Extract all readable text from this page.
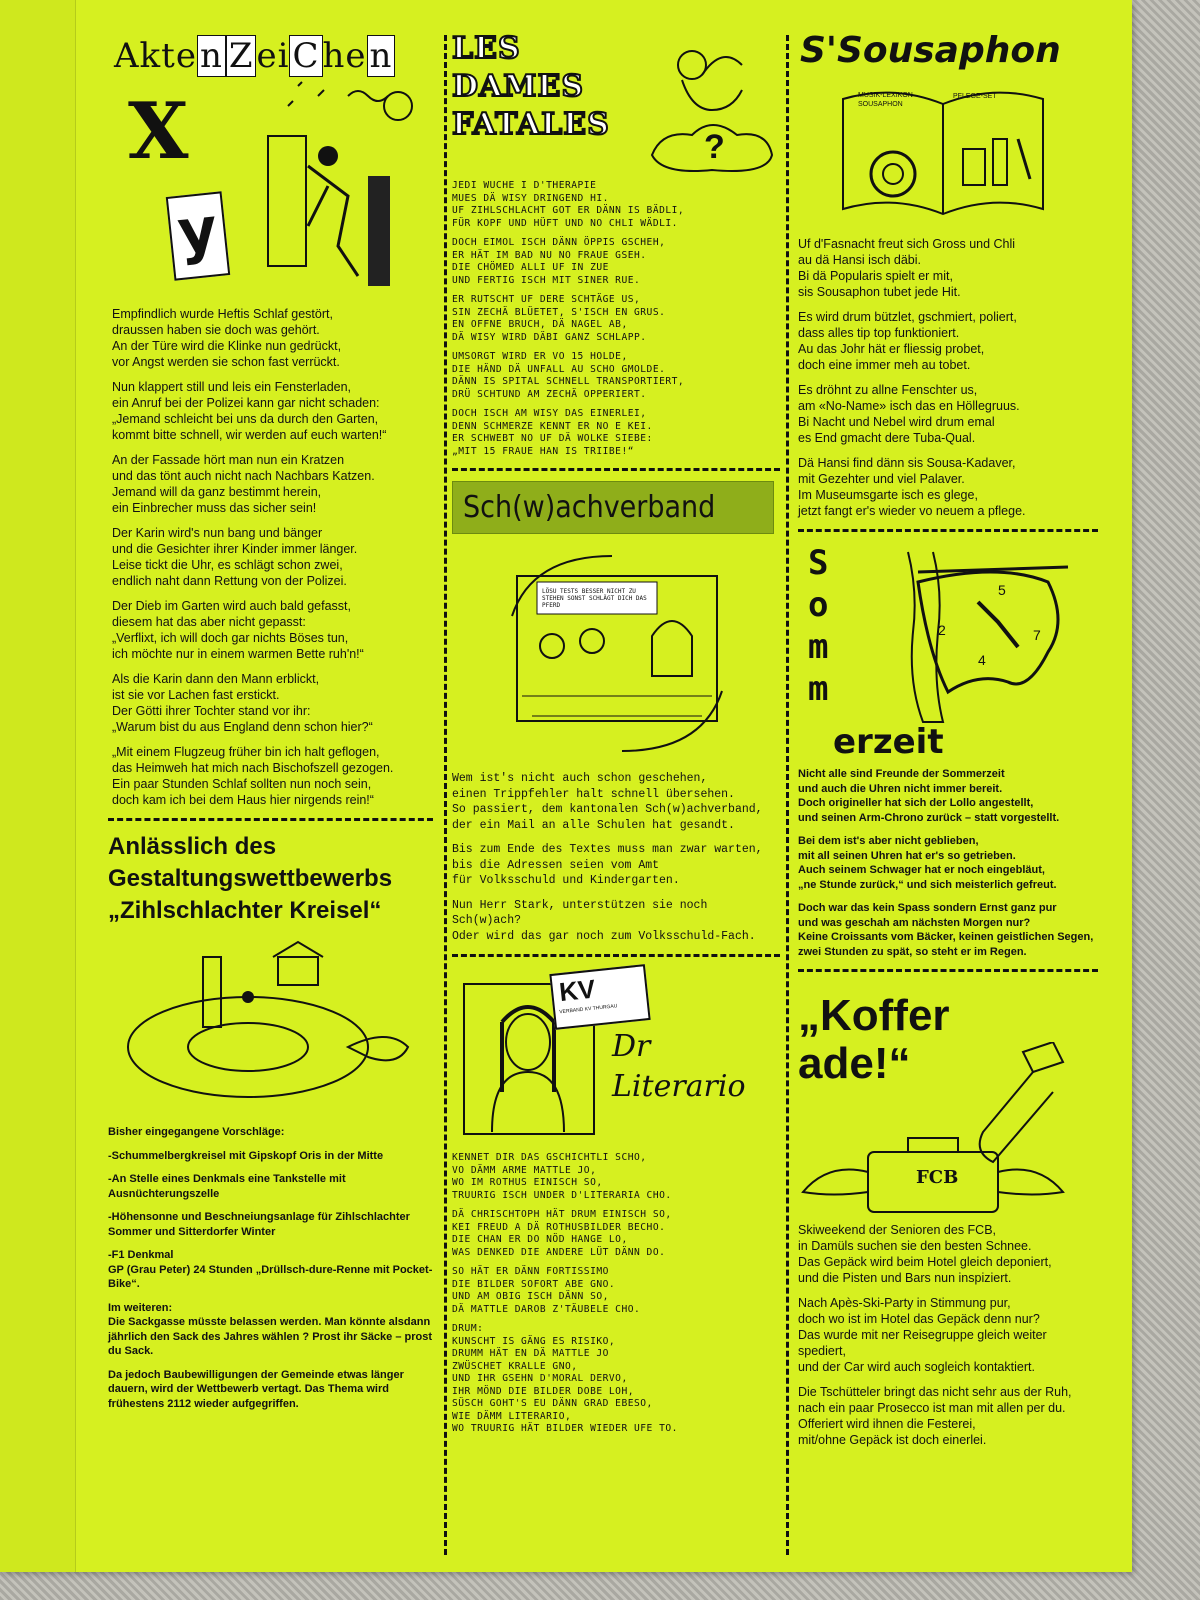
Akten ZeiChen
X
y

Empfindlich wurde Heftis Schlaf gestört,
draussen haben sie doch was gehört.
An der Türe wird die Klinke nun gedrückt,
vor Angst werden sie schon fast verrückt.

Nun klappert still und leis ein Fensterladen,
ein Anruf bei der Polizei kann gar nicht schaden:
„Jemand schleicht bei uns da durch den Garten,
kommt bitte schnell, wir werden auf euch warten!“

An der Fassade hört man nun ein Kratzen
und das tönt auch nicht nach Nachbars Katzen.
Jemand will da ganz bestimmt herein,
ein Einbrecher muss das sicher sein!

Der Karin wird's nun bang und bänger
und die Gesichter ihrer Kinder immer länger.
Leise tickt die Uhr, es schlägt schon zwei,
endlich naht dann Rettung von der Polizei.

Der Dieb im Garten wird auch bald gefasst,
diesem hat das aber nicht gepasst:
„Verflixt, ich will doch gar nichts Böses tun,
ich möchte nur in einem warmen Bette ruh'n!“

Als die Karin dann den Mann erblickt,
ist sie vor Lachen fast erstickt.
Der Götti ihrer Tochter stand vor ihr:
„Warum bist du aus England denn schon hier?“

„Mit einem Flugzeug früher bin ich halt geflogen,
das Heimweh hat mich nach Bischofszell gezogen.
Ein paar Stunden Schlaf sollten nun noch sein,
doch kam ich bei dem Haus hier nirgends rein!“

Anlässlich des Gestaltungswettbewerbs „Zihlschlachter Kreisel“

Bisher eingegangene Vorschläge:

-Schummelbergkreisel mit Gipskopf Oris in der Mitte

-An Stelle eines Denkmals eine Tankstelle mit Ausnüchterungszelle

-Höhensonne und Beschneiungsanlage für Zihlschlachter Sommer und Sitterdorfer Winter

-F1 Denkmal
GP (Grau Peter) 24 Stunden „Drüllsch-dure-Renne mit Pocket-Bike“.

Im weiteren:
Die Sackgasse müsste belassen werden. Man könnte alsdann jährlich den Sack des Jahres wählen ? Prost ihr Säcke – prost du Sack.

Da jedoch Baubewilligungen der Gemeinde etwas länger dauern, wird der Wettbewerb vertagt. Das Thema wird frühestens 2112 wieder aufgegriffen.

LES
DAMES
FATALES
?

JEDI WUCHE I D'THERAPIE
MUES DÄ WISY DRINGEND HI.
UF ZIHLSCHLACHT GOT ER DÄNN IS BÄDLI,
FÜR KOPF UND HÜFT UND NO CHLI WÄDLI.

DOCH EIMOL ISCH DÄNN ÖPPIS GSCHEH,
ER HÄT IM BAD NU NO FRAUE GSEH.
DIE CHÖMED ALLI UF IN ZUE
UND FERTIG ISCH MIT SINER RUE.

ER RUTSCHT UF DERE SCHTÄGE US,
SIN ZECHÄ BLÜETET, S'ISCH EN GRUS.
EN OFFNE BRUCH, DÄ NAGEL AB,
DÄ WISY WIRD DÄBI GANZ SCHLAPP.

UMSORGT WIRD ER VO 15 HOLDE,
DIE HÄND DÄ UNFALL AU SCHO GMOLDE.
DÄNN IS SPITAL SCHNELL TRANSPORTIERT,
DRÜ SCHTUND AM ZECHÄ OPPERIERT.

DOCH ISCH AM WISY DAS EINERLEI,
DENN SCHMERZE KENNT ER NO E KEI.
ER SCHWEBT NO UF DÄ WOLKE SIEBE:
„MIT 15 FRAUE HAN IS TRIIBE!“

Sch(w)achverband
LÖSU TESTS BESSER NICHT ZU STEHEN SONST SCHLÄGT DICH DAS PFERD

Wem ist's nicht auch schon geschehen,
einen Trippfehler halt schnell übersehen.
So passiert, dem kantonalen Sch(w)achverband,
der ein Mail an alle Schulen hat gesandt.

Bis zum Ende des Textes muss man zwar warten,
bis die Adressen seien vom Amt
für Volksschuld und Kindergarten.

Nun Herr Stark, unterstützen sie noch Sch(w)ach?
Oder wird das gar noch zum Volksschuld-Fach.

KV
VERBAND KV THURGAU
Dr
Literario

KENNET DIR DAS GSCHICHTLI SCHO,
VO DÄMM ARME MATTLE JO,
WO IM ROTHUS EINISCH SO,
TRUURIG ISCH UNDER D'LITERARIA CHO.

DÄ CHRISCHTOPH HÄT DRUM EINISCH SO,
KEI FREUD A DÄ ROTHUSBILDER BECHO.
DIE CHAN ER DO NÖD HANGE LO,
WAS DENKED DIE ANDERE LÜT DÄNN DO.

SO HÄT ER DÄNN FORTISSIMO
DIE BILDER SOFORT ABE GNO.
UND AM OBIG ISCH DÄNN SO,
DÄ MATTLE DAROB Z'TÄUBELE CHO.

DRUM:
KUNSCHT IS GÄNG ES RISIKO,
DRUMM HÄT EN DÄ MATTLE JO
ZWÜSCHET KRALLE GNO,
UND IHR GSEHN D'MORAL DERVO,
IHR MÖND DIE BILDER DOBE LOH,
SÜSCH GOHT'S EU DÄNN GRAD EBESO,
WIE DÄMM LITERARIO,
WO TRUURIG HÄT BILDER WIEDER UFE TO.

S'Sousaphon
MUSIK-LEXIKON SOUSAPHON
PFLEGE-SET

Uf d'Fasnacht freut sich Gross und Chli
au dä Hansi isch däbi.
Bi dä Popularis spielt er mit,
sis Sousaphon tubet jede Hit.

Es wird drum bützlet, gschmiert, poliert,
dass alles tip top funktioniert.
Au das Johr hät er fliessig probet,
doch eine immer meh au tobet.

Es dröhnt zu allne Fenschter us,
am «No-Name» isch das en Höllegruus.
Bi Nacht und Nebel wird drum emal
es End gmacht dere Tuba-Qual.

Dä Hansi find dänn sis Sousa-Kadaver,
mit Gezehter und viel Palaver.
Im Museumsgarte isch es glege,
jetzt fangt er's wieder vo neuem a pflege.

S
o
m
m
erzeit
5
2	7
4

Nicht alle sind Freunde der Sommerzeit
und auch die Uhren nicht immer bereit.
Doch origineller hat sich der Lollo angestellt,
und seinen Arm-Chrono zurück – statt vorgestellt.

Bei dem ist's aber nicht geblieben,
mit all seinen Uhren hat er's so getrieben.
Auch seinem Schwager hat er noch eingebläut,
„ne Stunde zurück,“ und sich meisterlich gefreut.

Doch war das kein Spass sondern Ernst ganz pur
und was geschah am nächsten Morgen nur?
Keine Croissants vom Bäcker, keinen geistlichen Segen,
zwei Stunden zu spät, so steht er im Regen.

„Koffer
ade!“
FCB

Skiweekend der Senioren des FCB,
in Damüls suchen sie den besten Schnee.
Das Gepäck wird beim Hotel gleich deponiert,
und die Pisten und Bars nun inspiziert.

Nach Apès-Ski-Party in Stimmung pur,
doch wo ist im Hotel das Gepäck denn nur?
Das wurde mit ner Reisegruppe gleich weiter spediert,
und der Car wird auch sogleich kontaktiert.

Die Tschütteler bringt das nicht sehr aus der Ruh,
nach ein paar Prosecco ist man mit allen per du.
Offeriert wird ihnen die Festerei,
mit/ohne Gepäck ist doch einerlei.
